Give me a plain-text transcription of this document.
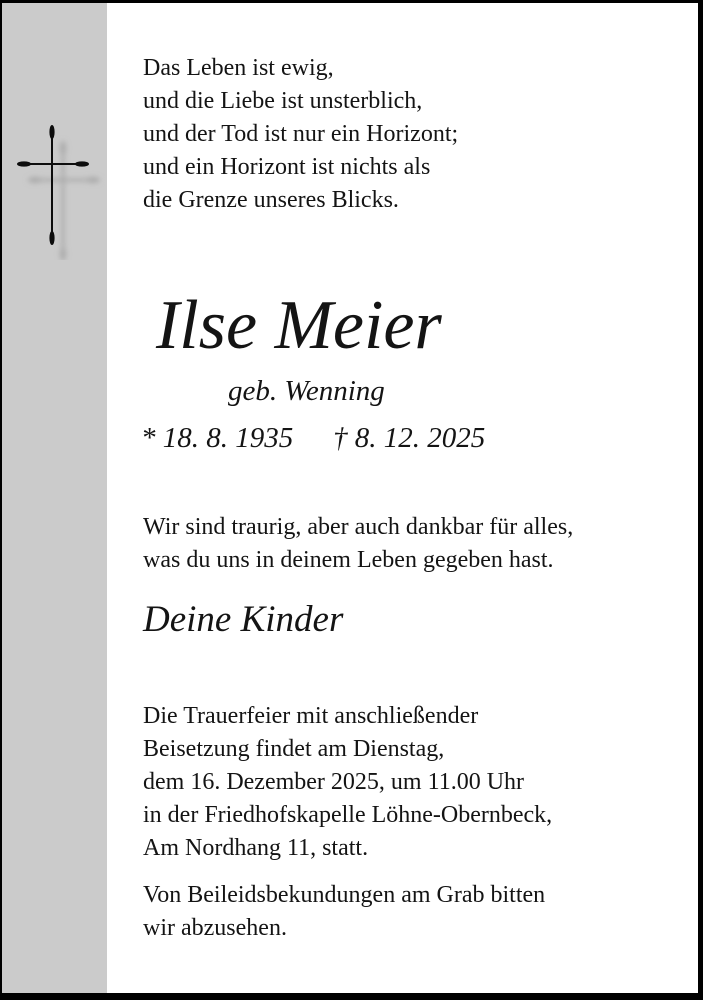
Das Leben ist ewig,
und die Liebe ist unsterblich,
und der Tod ist nur ein Horizont;
und ein Horizont ist nichts als
die Grenze unseres Blicks.
Ilse Meier
geb. Wenning
* 18. 8. 1935 † 8. 12. 2025
Wir sind traurig, aber auch dankbar für alles,
was du uns in deinem Leben gegeben hast.
Deine Kinder
Die Trauerfeier mit anschließender
Beisetzung findet am Dienstag,
dem 16. Dezember 2025, um 11.00 Uhr
in der Friedhofskapelle Löhne-Obernbeck,
Am Nordhang 11, statt.
Von Beileidsbekundungen am Grab bitten
wir abzusehen.
